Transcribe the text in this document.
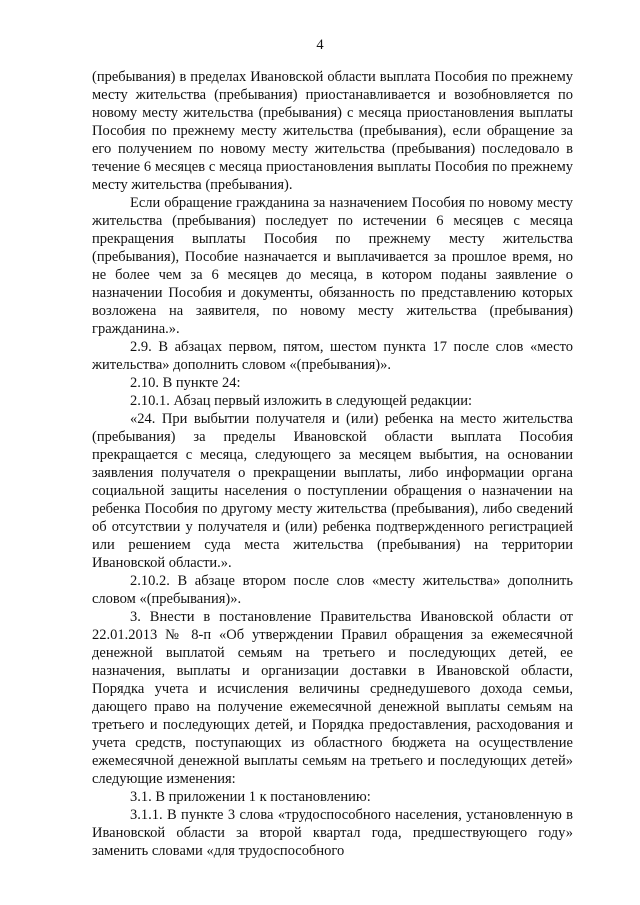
4

(пребывания) в пределах Ивановской области выплата Пособия по прежнему месту жительства (пребывания) приостанавливается и возобновляется по новому месту жительства (пребывания) с месяца приостановления выплаты Пособия по прежнему месту жительства (пребывания), если обращение за его получением по новому месту жительства (пребывания) последовало в течение 6 месяцев с месяца приостановления выплаты Пособия по прежнему месту жительства (пребывания).

Если обращение гражданина за назначением Пособия по новому месту жительства (пребывания) последует по истечении 6 месяцев с месяца прекращения выплаты Пособия по прежнему месту жительства (пребывания), Пособие назначается и выплачивается за прошлое время, но не более чем за 6 месяцев до месяца, в котором поданы заявление о назначении Пособия и документы, обязанность по представлению которых возложена на заявителя, по новому месту жительства (пребывания) гражданина.».

2.9. В абзацах первом, пятом, шестом пункта 17 после слов «место жительства» дополнить словом «(пребывания)».

2.10. В пункте 24:

2.10.1. Абзац первый изложить в следующей редакции:

«24. При выбытии получателя и (или) ребенка на место жительства (пребывания) за пределы Ивановской области выплата Пособия прекращается с месяца, следующего за месяцем выбытия, на основании заявления получателя о прекращении выплаты, либо информации органа социальной защиты населения о поступлении обращения о назначении на ребенка Пособия по другому месту жительства (пребывания), либо сведений об отсутствии у получателя и (или) ребенка подтвержденного регистрацией или решением суда места жительства (пребывания) на территории Ивановской области.».

2.10.2. В абзаце втором после слов «месту жительства» дополнить словом «(пребывания)».

3. Внести в постановление Правительства Ивановской области от 22.01.2013 № 8-п «Об утверждении Правил обращения за ежемесячной денежной выплатой семьям на третьего и последующих детей, ее назначения, выплаты и организации доставки в Ивановской области, Порядка учета и исчисления величины среднедушевого дохода семьи, дающего право на получение ежемесячной денежной выплаты семьям на третьего и последующих детей, и Порядка предоставления, расходования и учета средств, поступающих из областного бюджета на осуществление ежемесячной денежной выплаты семьям на третьего и последующих детей» следующие изменения:

3.1. В приложении 1 к постановлению:

3.1.1. В пункте 3 слова «трудоспособного населения, установленную в Ивановской области за второй квартал года, предшествующего году» заменить словами «для трудоспособного
